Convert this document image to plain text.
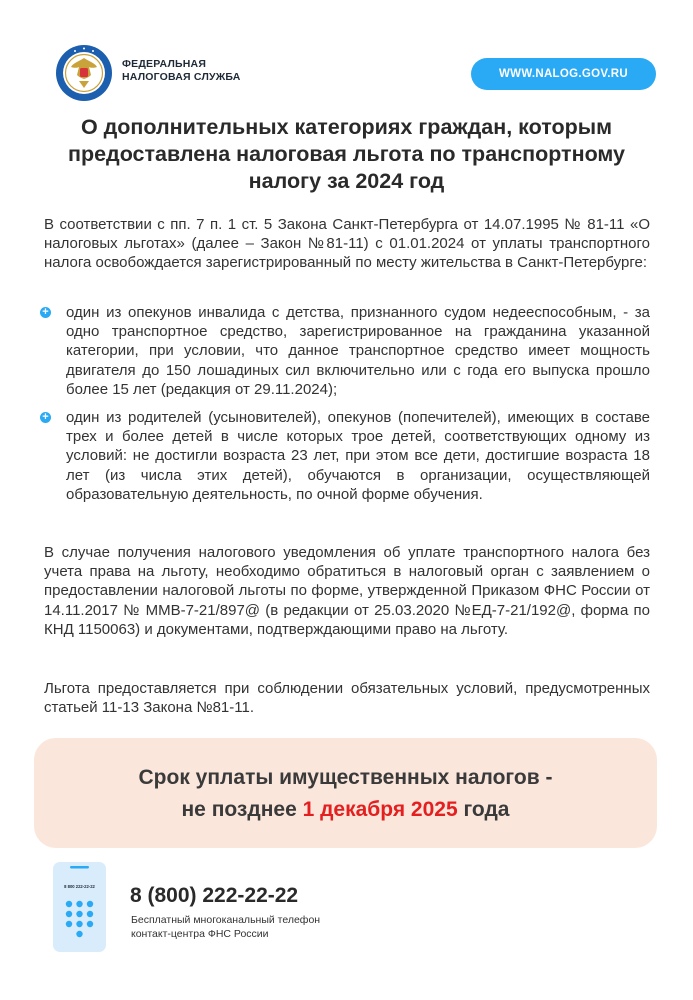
ФЕДЕРАЛЬНАЯ
НАЛОГОВАЯ СЛУЖБА	WWW.NALOG.GOV.RU
О дополнительных категориях граждан, которым
предоставлена налоговая льгота по транспортному
налогу за 2024 год
В соответствии с пп. 7 п. 1 ст. 5 Закона Санкт-Петербурга от 14.07.1995 № 81-11 «О налоговых льготах» (далее – Закон №81-11) с 01.01.2024 от уплаты транспортного налога освобождается зарегистрированный по месту жительства в Санкт-Петербурге:
+ один из опекунов инвалида с детства, признанного судом недееспособным, - за одно транспортное средство, зарегистрированное на гражданина указанной категории, при условии, что данное транспортное средство имеет мощность двигателя до 150 лошадиных сил включительно или с года его выпуска прошло более 15 лет (редакция от 29.11.2024);
+ один из родителей (усыновителей), опекунов (попечителей), имеющих в составе трех и более детей в числе которых трое детей, соответствующих одному из условий: не достигли возраста 23 лет, при этом все дети, достигшие возраста 18 лет (из числа этих детей), обучаются в организации, осуществляющей образовательную деятельность, по очной форме обучения.
В случае получения налогового уведомления об уплате транспортного налога без учета права на льготу, необходимо обратиться в налоговый орган с заявлением о предоставлении налоговой льготы по форме, утвержденной Приказом ФНС России от 14.11.2017 № ММВ-7-21/897@ (в редакции от 25.03.2020 №ЕД-7-21/192@, форма по КНД 1150063) и документами, подтверждающими право на льготу.
Льгота предоставляется при соблюдении обязательных условий, предусмотренных статьей 11-13 Закона №81-11.
Срок уплаты имущественных налогов -
не позднее 1 декабря 2025 года
8 800 222-22-22 8 (800) 222-22-22
Бесплатный многоканальный телефон
контакт-центра ФНС России
